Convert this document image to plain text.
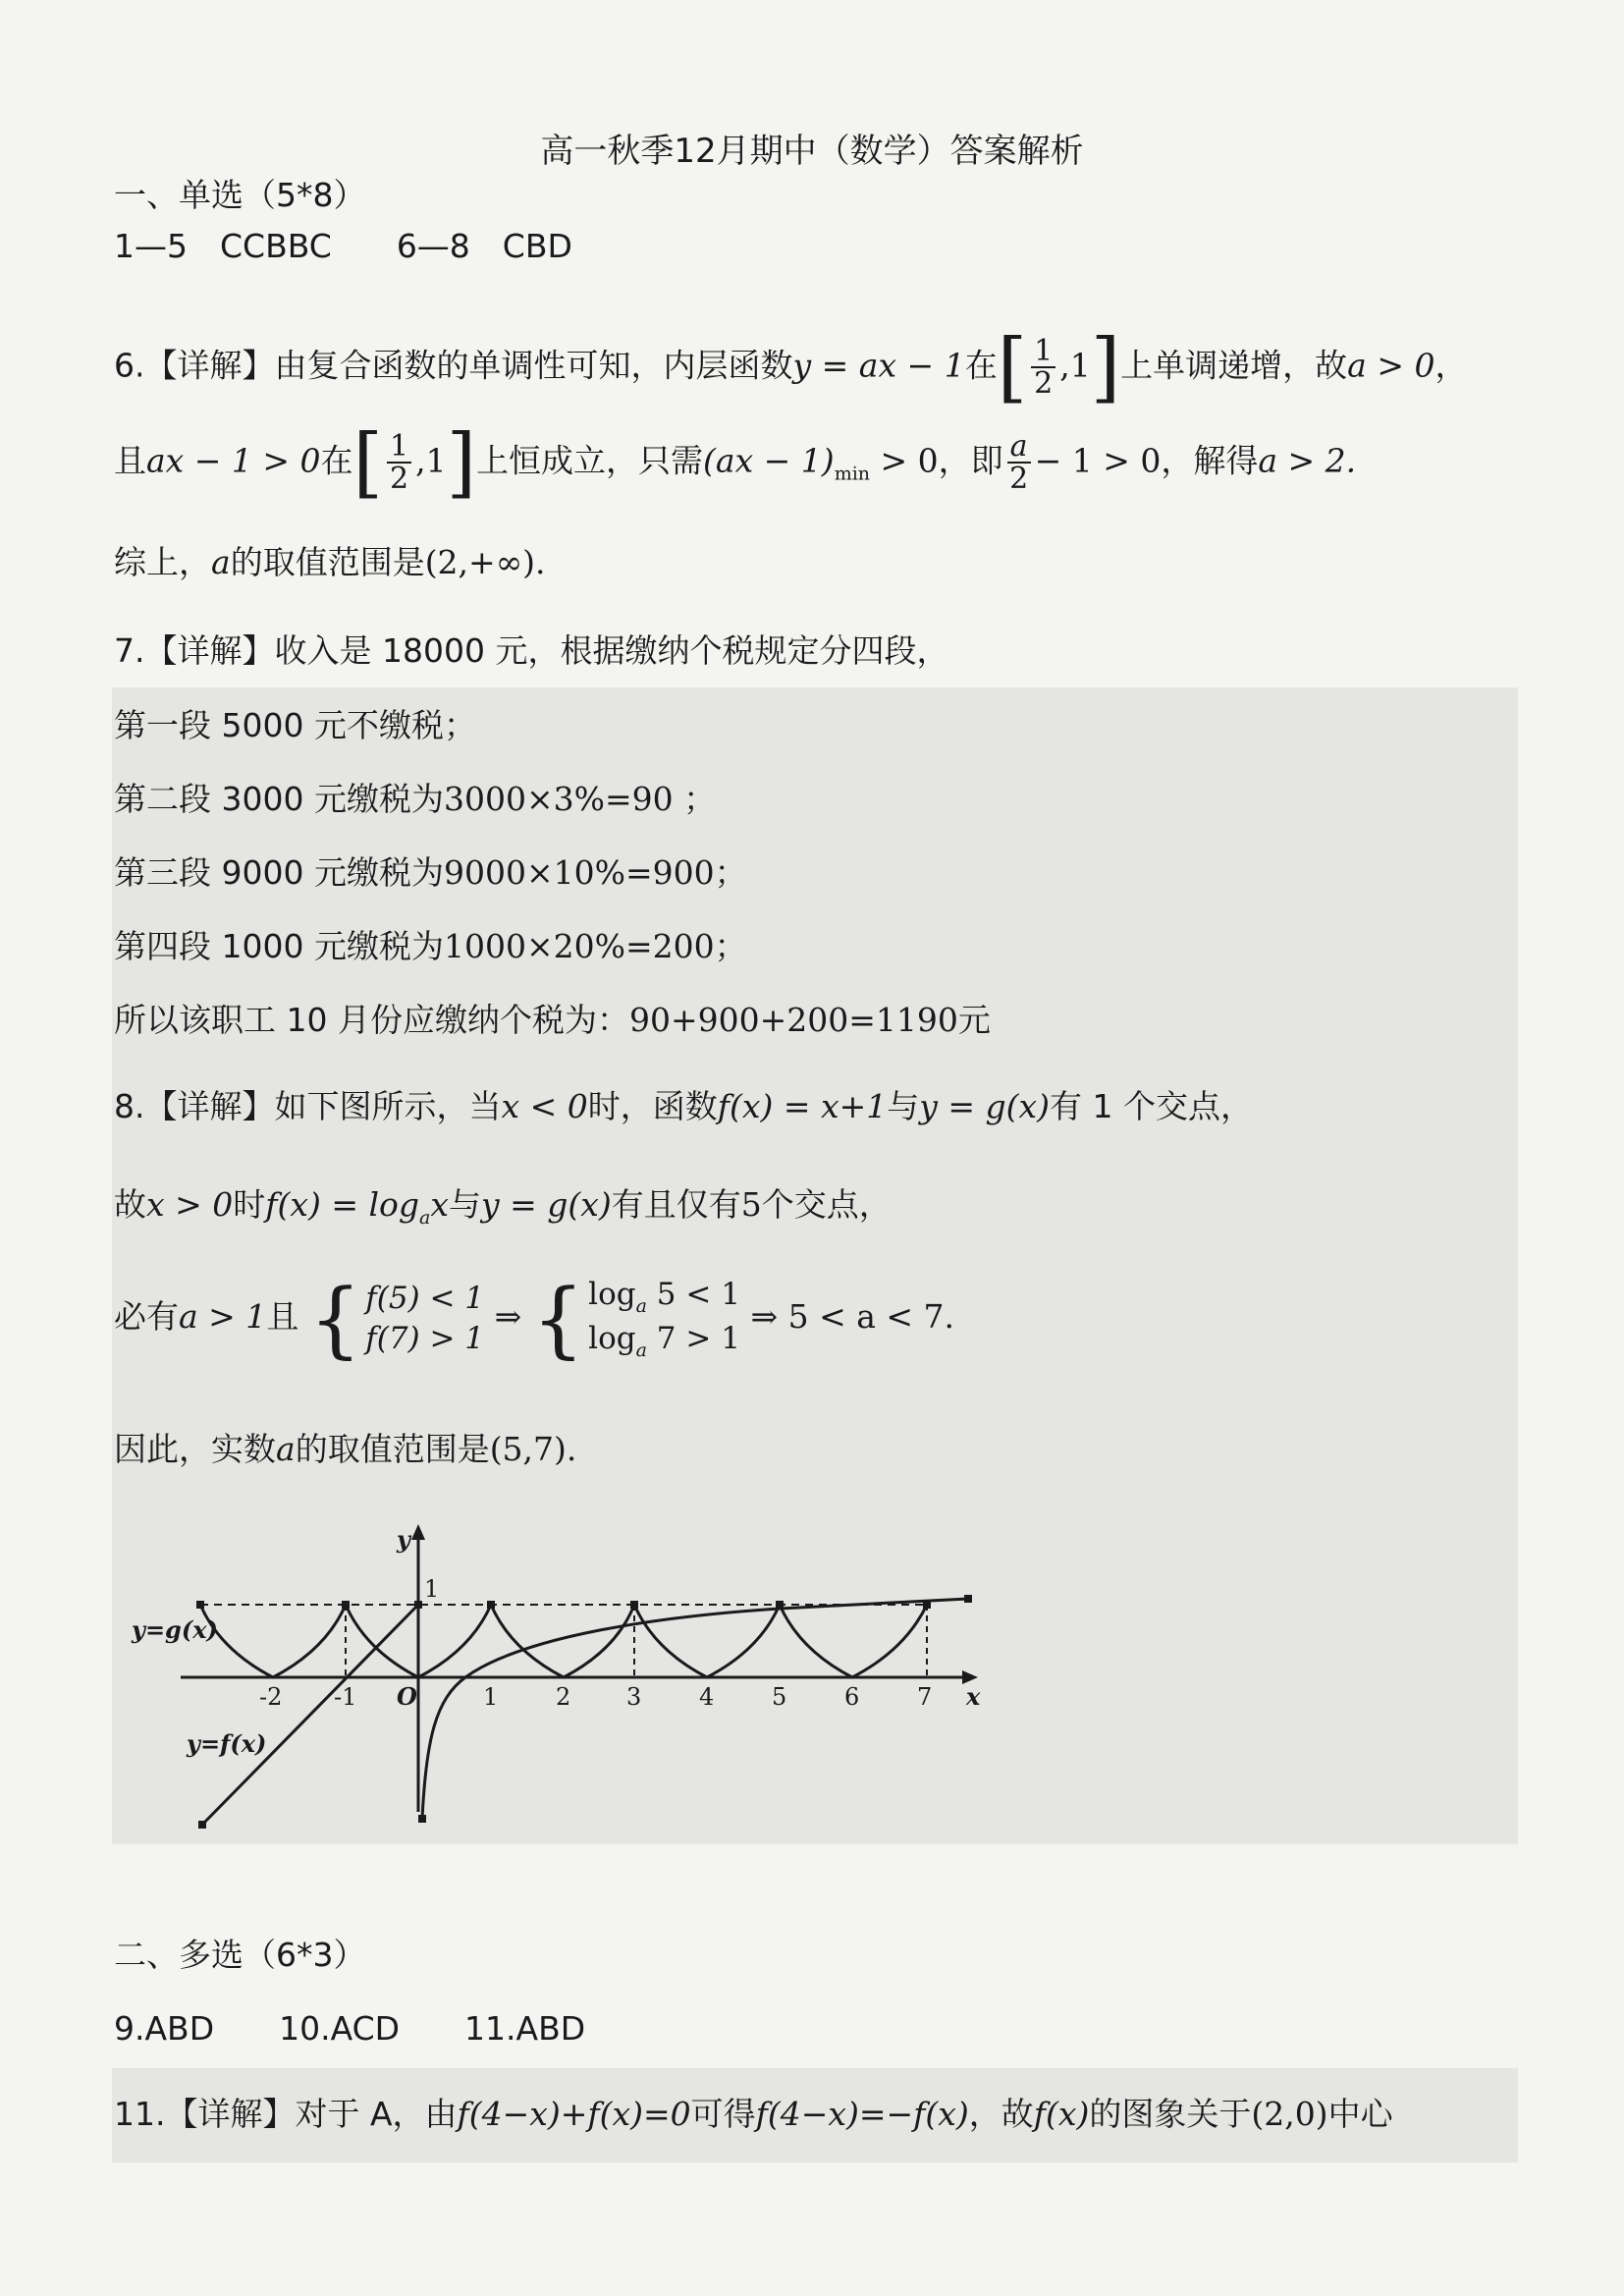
高一秋季12月期中（数学）答案解析
一、单选（5*8）
1—5　CCBBC　　6—8　CBD
6.【详解】由复合函数的单调性可知，内层函数y = ax − 1在[ $\frac{1}{2} ,1$]上单调递增，故a > 0，
且ax − 1 > 0在[ $\frac{1}{2} ,1$]上恒成立，只需$(ax - 1)_{min} > 0$，即 $\frac{a}{2} - 1 > 0$，解得a > 2.
综上，a的取值范围是(2,+∞).
7.【详解】收入是 18000 元，根据缴纳个税规定分四段，
第一段 5000 元不缴税；
第二段 3000 元缴税为3000×3%=90 ；
第三段 9000 元缴税为9000×10%=900；
第四段 1000 元缴税为1000×20%=200；
所以该职工 10 月份应缴纳个税为：90+900+200=1190元
8.【详解】如下图所示，当x < 0时，函数f(x) = x+1与y = g(x)有 1 个交点，
故x > 0时$f(x) = \log_ax$与y = g(x)有且仅有5个交点，
必有a > 1且 { f(5) < 1
f(7) > 1
⇒ { $\log_a 5 < 1$
$\log_a 7 > 1$
⇒ 5 < a < 7.
因此，实数a的取值范围是(5,7).
y
x
O
y=g(x)
y=f(x)
1
-2 -1	1 2 3 4 5 6 7
二、多选（6*3）
9.ABD　　10.ACD　　11.ABD
11.【详解】对于 A，由f(4−x)+f(x)=0可得f(4−x)=−f(x)，故f(x)的图象关于(2,0)中心
